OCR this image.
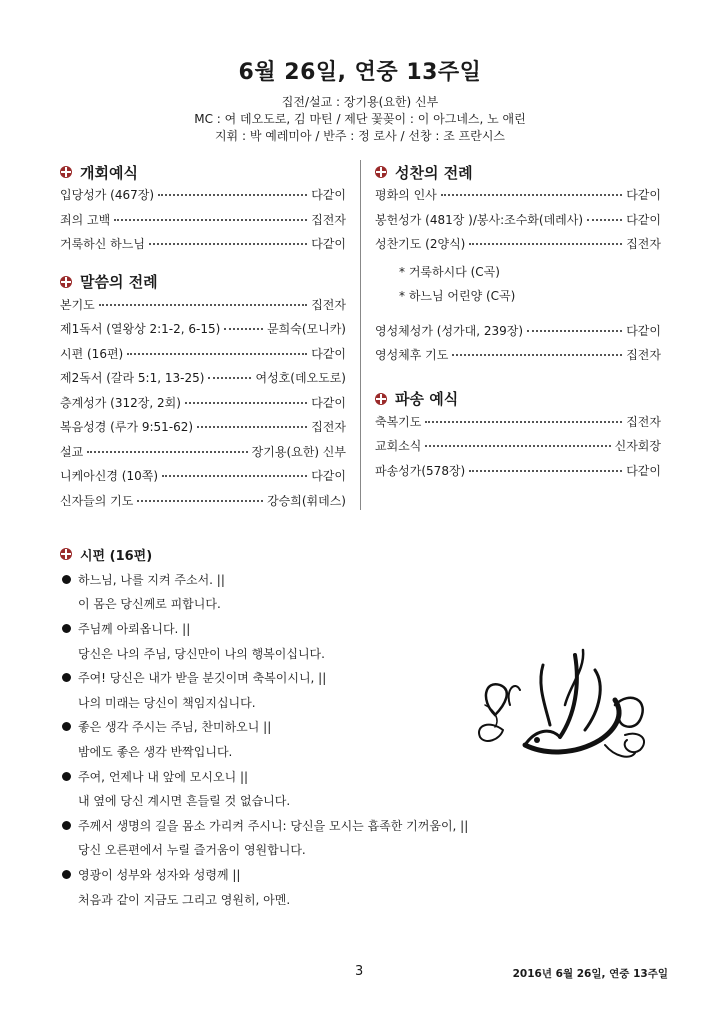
6월 26일, 연중 13주일
집전/설교 : 장기용(요한) 신부
MC : 여 데오도로, 김 마틴 / 제단 꽃꽂이 : 이 아그네스, 노 애린
지휘 : 박 예레미아 / 반주 : 정 로사 / 선창 : 조 프란시스
개회예식
입당성가 (467장)	다같이
죄의 고백	집전자
거룩하신 하느님	다같이
말씀의 전례
본기도	집전자
제1독서 (열왕상 2:1-2, 6-15)	문희숙(모니카)
시편 (16편)	다같이
제2독서 (갈라 5:1, 13-25)	여성호(데오도로)
층계성가 (312장, 2회)	다같이
복음성경 (루가 9:51-62)	집전자
설교	장기용(요한) 신부
니케아신경 (10쪽)	다같이
신자들의 기도	강승희(휘데스)
성찬의 전례
평화의 인사	다같이
봉헌성가 (481장 )/봉사:조수화(데레사)	다같이
성찬기도 (2양식)	집전자
* 거룩하시다 (C곡)
* 하느님 어린양 (C곡)
영성체성가 (성가대, 239장)	다같이
영성체후 기도	집전자
파송 예식
축복기도	집전자
교회소식	신자회장
파송성가(578장)	다같이
시편 (16편)
하느님, 나를 지켜 주소서. ||
이 몸은 당신께로 피합니다.
주님께 아뢰옵니다. ||
당신은 나의 주님, 당신만이 나의 행복이십니다.
주여! 당신은 내가 받을 분깃이며 축복이시니, ||
나의 미래는 당신이 책임지십니다.
좋은 생각 주시는 주님, 찬미하오니 ||
밤에도 좋은 생각 반짝입니다.
주여, 언제나 내 앞에 모시오니 ||
내 옆에 당신 계시면 흔들릴 것 없습니다.
주께서 생명의 길을 몸소 가리켜 주시니: 당신을 모시는 흡족한 기꺼움이, ||
당신 오른편에서 누릴 즐거움이 영원합니다.
영광이 성부와 성자와 성령께 ||
처음과 같이 지금도 그리고 영원히, 아멘.
3	2016년 6월 26일, 연중 13주일
